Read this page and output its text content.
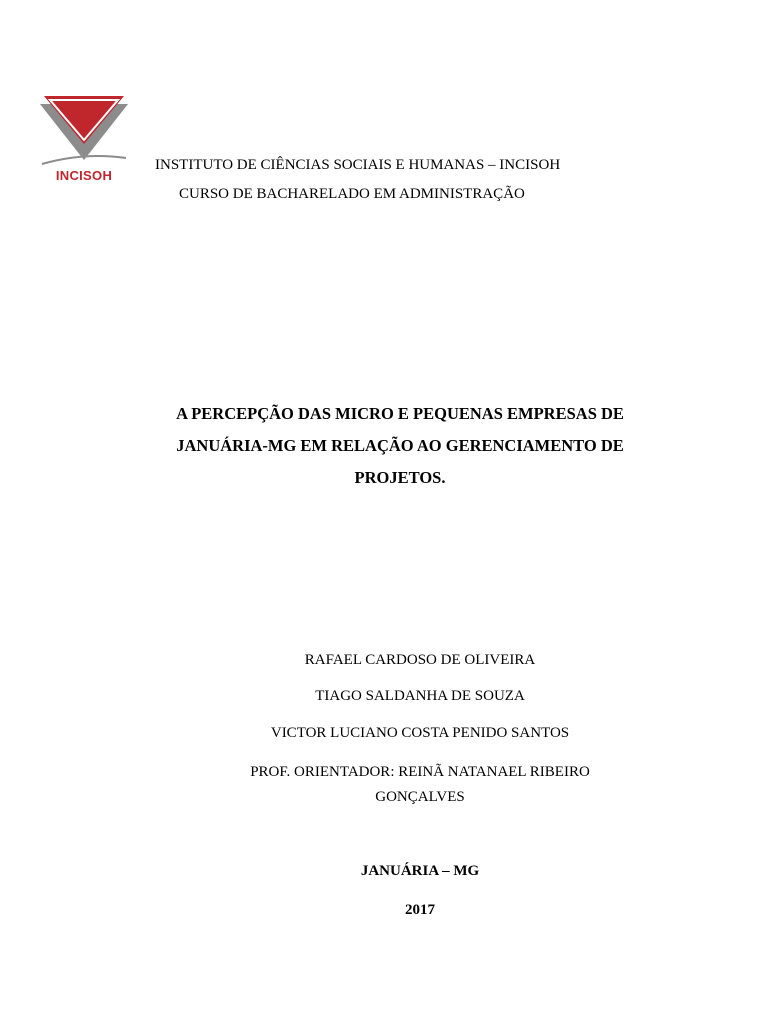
INCISOH
INSTITUTO DE CIÊNCIAS SOCIAIS E HUMANAS – INCISOH
CURSO DE BACHARELADO EM ADMINISTRAÇÃO
A PERCEPÇÃO DAS MICRO E PEQUENAS EMPRESAS DE
JANUÁRIA-MG EM RELAÇÃO AO GERENCIAMENTO DE
PROJETOS.
RAFAEL CARDOSO DE OLIVEIRA
TIAGO SALDANHA DE SOUZA
VICTOR LUCIANO COSTA PENIDO SANTOS
PROF. ORIENTADOR: REINÃ NATANAEL RIBEIRO
GONÇALVES
JANUÁRIA – MG
2017
